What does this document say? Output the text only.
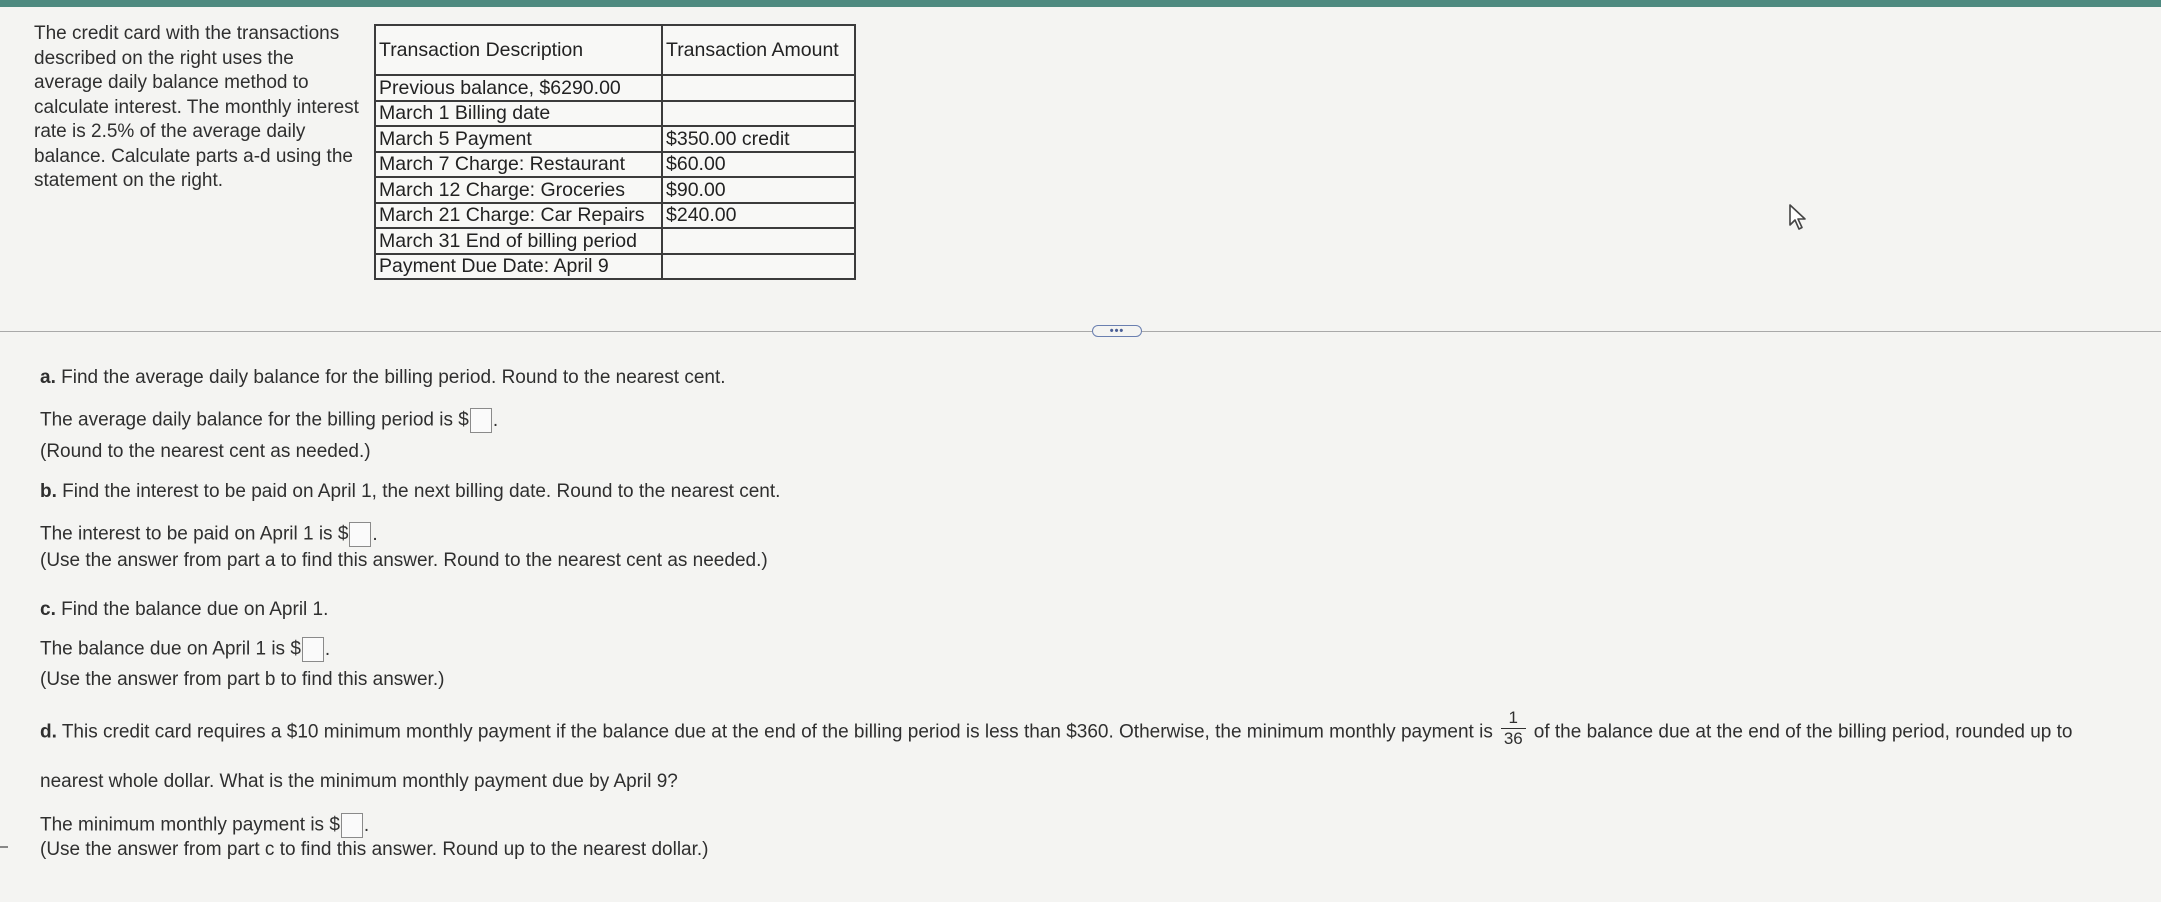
The credit card with the transactions described on the right uses the average daily balance method to calculate interest. The monthly interest rate is 2.5% of the average daily balance. Calculate parts a-d using the statement on the right.
Transaction Description	Transaction Amount
Previous balance, $6290.00	
March 1 Billing date	
March 5 Payment	$350.00 credit
March 7 Charge: Restaurant	$60.00
March 12 Charge: Groceries	$90.00
March 21 Charge: Car Repairs	$240.00
March 31 End of billing period	
Payment Due Date: April 9	
•••
a. Find the average daily balance for the billing period. Round to the nearest cent.
The average daily balance for the billing period is $ .
(Round to the nearest cent as needed.)
b. Find the interest to be paid on April 1, the next billing date. Round to the nearest cent.
The interest to be paid on April 1 is $ .
(Use the answer from part a to find this answer. Round to the nearest cent as needed.)
c. Find the balance due on April 1.
The balance due on April 1 is $ .
(Use the answer from part b to find this answer.)
d. This credit card requires a $10 minimum monthly payment if the balance due at the end of the billing period is less than $360. Otherwise, the minimum monthly payment is $\frac{1}{36}$ of the balance due at the end of the billing period, rounded up to
nearest whole dollar. What is the minimum monthly payment due by April 9?
The minimum monthly payment is $ .
(Use the answer from part c to find this answer. Round up to the nearest dollar.)
